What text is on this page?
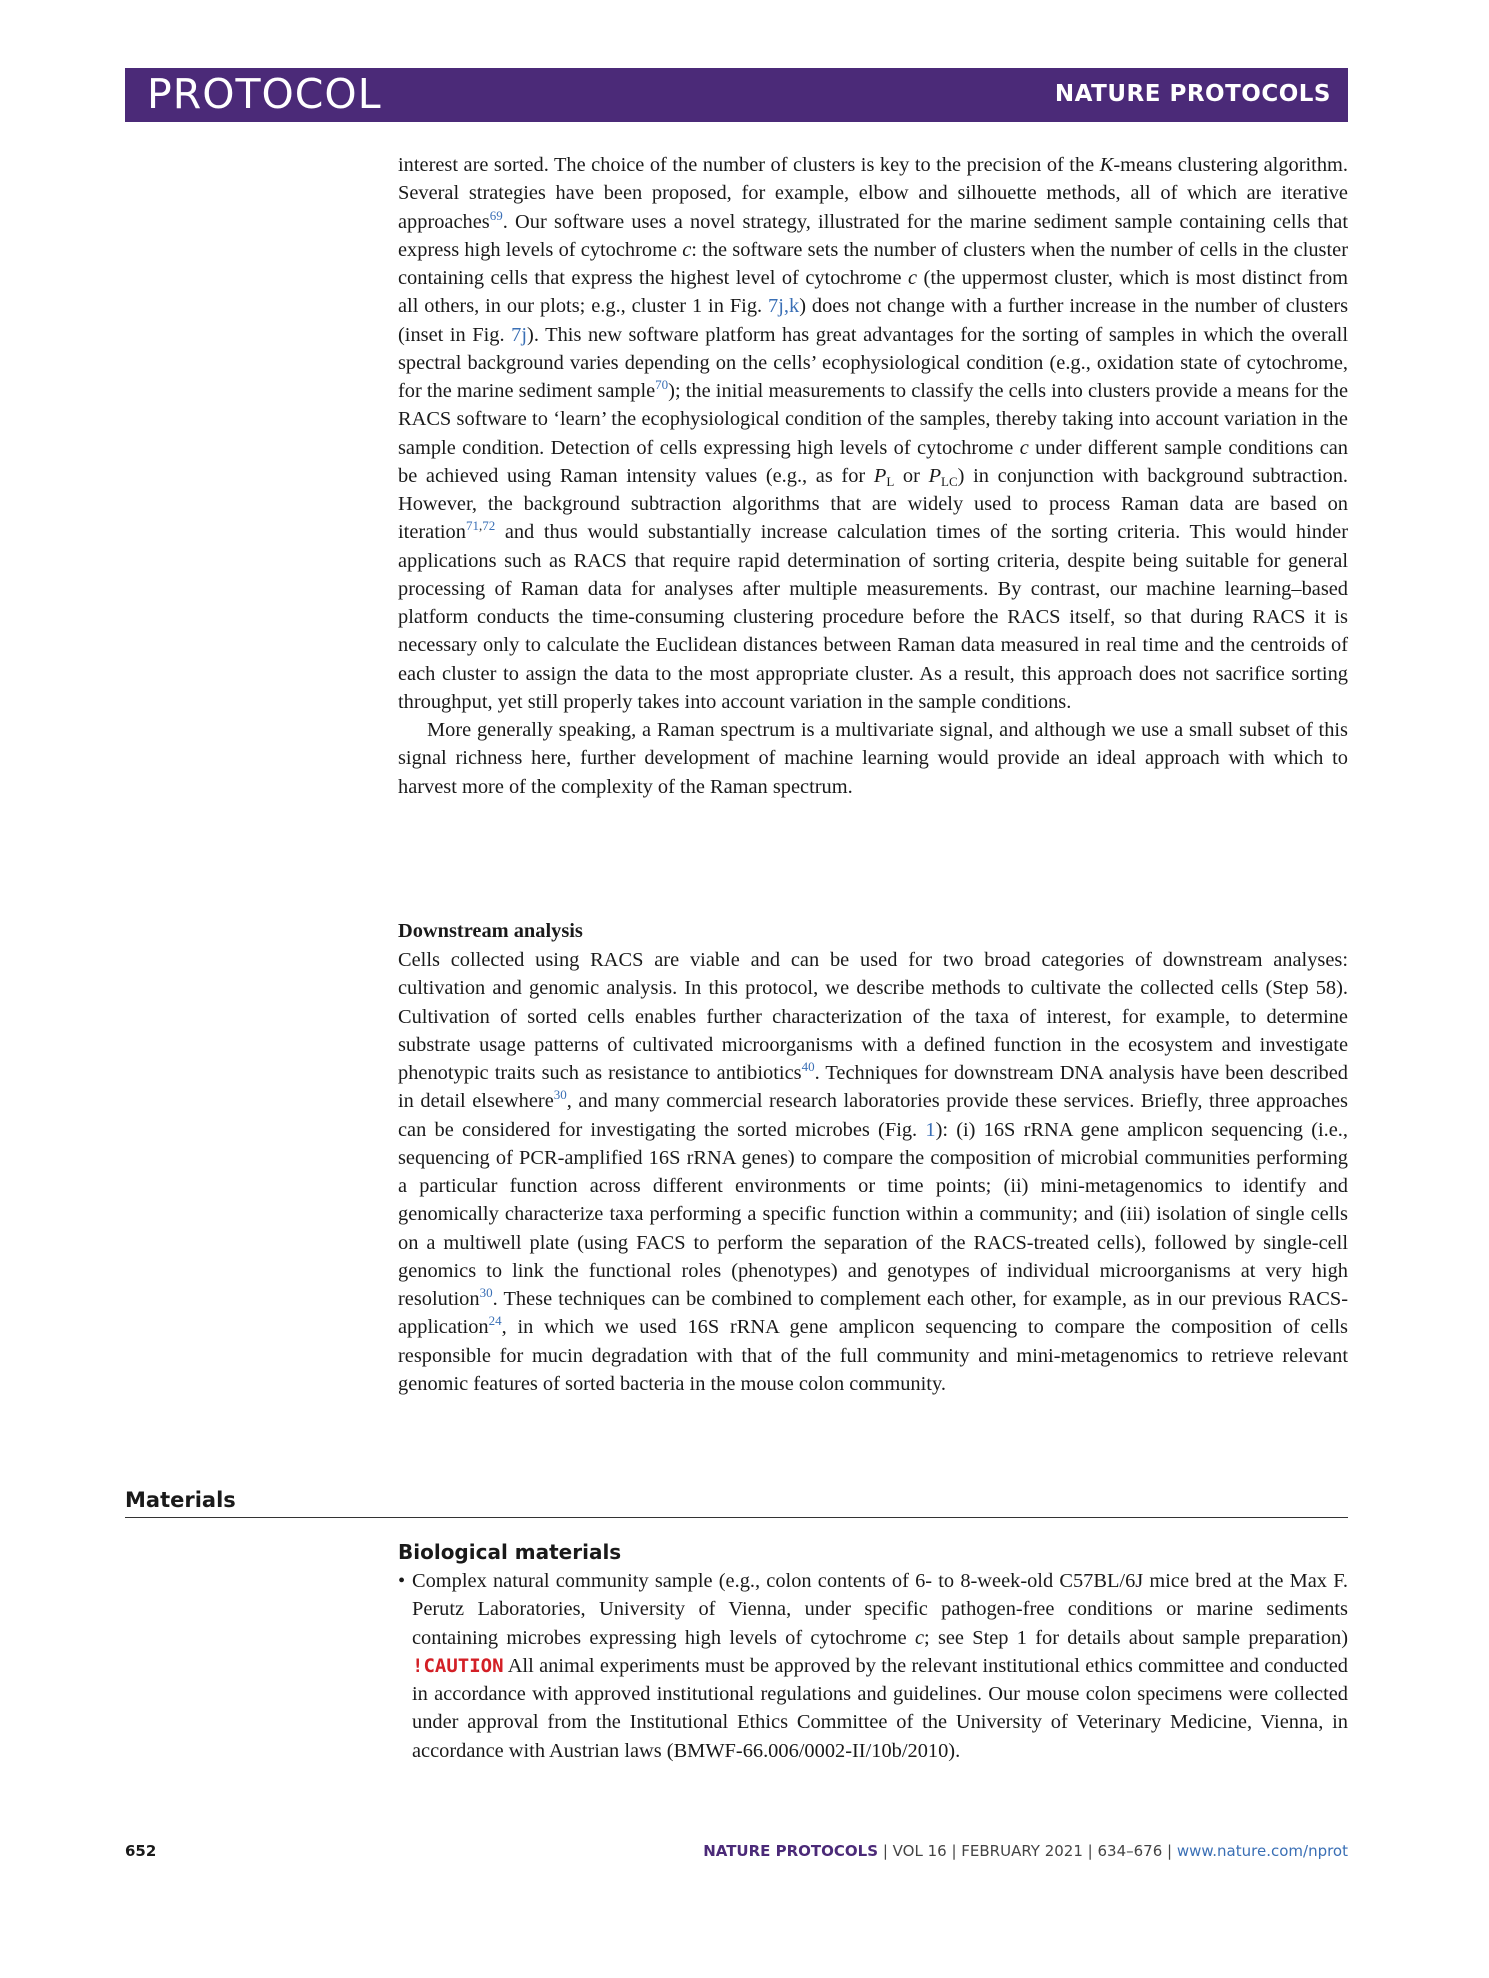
PROTOCOL	NATURE PROTOCOLS

interest are sorted. The choice of the number of clusters is key to the precision of the K-means clustering algorithm. Several strategies have been proposed, for example, elbow and silhouette methods, all of which are iterative approaches$^{69}$. Our software uses a novel strategy, illustrated for the marine sediment sample containing cells that express high levels of cytochrome c: the software sets the number of clusters when the number of cells in the cluster containing cells that express the highest level of cytochrome c (the uppermost cluster, which is most distinct from all others, in our plots; e.g., cluster 1 in Fig. 7j,k) does not change with a further increase in the number of clusters (inset in Fig. 7j). This new software platform has great advantages for the sorting of samples in which the overall spectral background varies depending on the cells’ ecophysiological condition (e.g., oxidation state of cytochrome, for the marine sediment sample$^{70}$); the initial measurements to classify the cells into clusters provide a means for the RACS software to ‘learn’ the ecophysiological condition of the samples, thereby taking into account variation in the sample condition. Detection of cells expressing high levels of cytochrome c under different sample conditions can be achieved using Raman intensity values (e.g., as for $P_L$ or $P_{LC}$) in conjunction with background subtraction. However, the background subtraction algorithms that are widely used to process Raman data are based on iteration$^{71,72}$ and thus would substantially increase calculation times of the sorting criteria. This would hinder applications such as RACS that require rapid determination of sorting criteria, despite being suitable for general processing of Raman data for analyses after multiple measurements. By contrast, our machine learning–based platform conducts the time-consuming clustering procedure before the RACS itself, so that during RACS it is necessary only to calculate the Euclidean distances between Raman data measured in real time and the centroids of each cluster to assign the data to the most appropriate cluster. As a result, this approach does not sacrifice sorting throughput, yet still properly takes into account variation in the sample conditions.

More generally speaking, a Raman spectrum is a multivariate signal, and although we use a small subset of this signal richness here, further development of machine learning would provide an ideal approach with which to harvest more of the complexity of the Raman spectrum.

Downstream analysis

Cells collected using RACS are viable and can be used for two broad categories of downstream analyses: cultivation and genomic analysis. In this protocol, we describe methods to cultivate the collected cells (Step 58). Cultivation of sorted cells enables further characterization of the taxa of interest, for example, to determine substrate usage patterns of cultivated microorganisms with a defined function in the ecosystem and investigate phenotypic traits such as resistance to antibiotics$^{40}$. Techniques for downstream DNA analysis have been described in detail elsewhere$^{30}$, and many commercial research laboratories provide these services. Briefly, three approaches can be considered for investigating the sorted microbes (Fig. 1): (i) 16S rRNA gene amplicon sequencing (i.e., sequencing of PCR-amplified 16S rRNA genes) to compare the composition of microbial communities performing a particular function across different environments or time points; (ii) mini-metagenomics to identify and genomically characterize taxa performing a specific function within a community; and (iii) isolation of single cells on a multiwell plate (using FACS to perform the separation of the RACS-treated cells), followed by single-cell genomics to link the functional roles (phenotypes) and genotypes of individual microorganisms at very high resolution$^{30}$. These techniques can be combined to complement each other, for example, as in our previous RACS-application$^{24}$, in which we used 16S rRNA gene amplicon sequencing to compare the composition of cells responsible for mucin degradation with that of the full community and mini-metagenomics to retrieve relevant genomic features of sorted bacteria in the mouse colon community.

Materials
Biological materials
• Complex natural community sample (e.g., colon contents of 6- to 8-week-old C57BL/6J mice bred at the Max F. Perutz Laboratories, University of Vienna, under specific pathogen-free conditions or marine sediments containing microbes expressing high levels of cytochrome c; see Step 1 for details about sample preparation) !CAUTION All animal experiments must be approved by the relevant institutional ethics committee and conducted in accordance with approved institutional regulations and guidelines. Our mouse colon specimens were collected under approval from the Institutional Ethics Committee of the University of Veterinary Medicine, Vienna, in accordance with Austrian laws (BMWF-66.006/0002-II/10b/2010).

652	NATURE PROTOCOLS | VOL 16 | FEBRUARY 2021 | 634–676 | www.nature.com/nprot
